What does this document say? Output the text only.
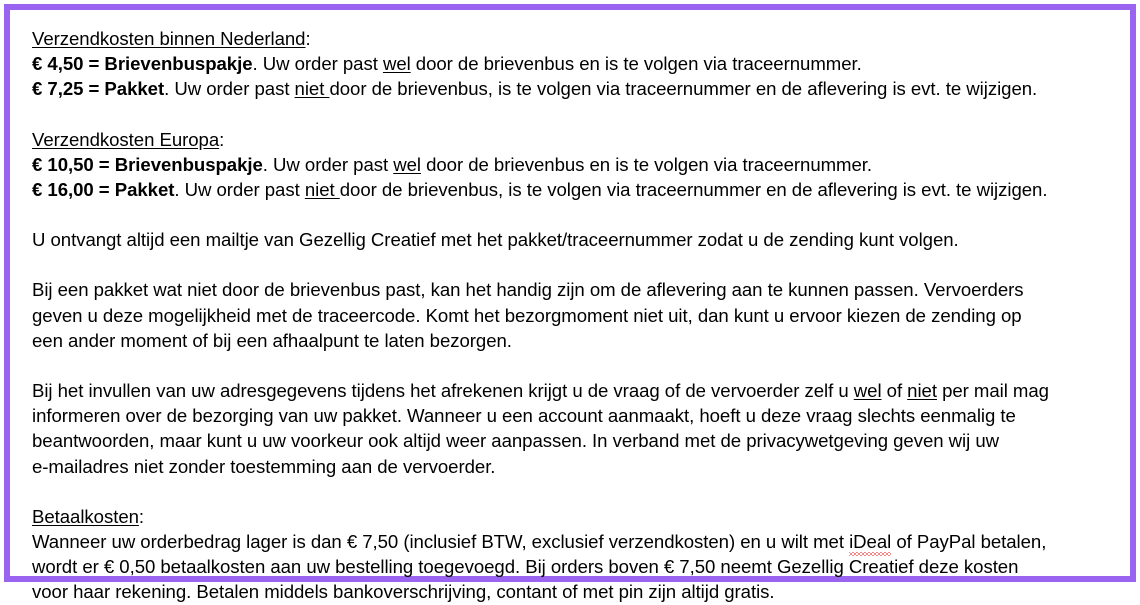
Verzendkosten binnen Nederland:

€ 4,50 = Brievenbuspakje. Uw order past wel door de brievenbus en is te volgen via traceernummer.

€ 7,25 = Pakket. Uw order past niet door de brievenbus, is te volgen via traceernummer en de aflevering is evt. te wijzigen.

Verzendkosten Europa:

€ 10,50 = Brievenbuspakje. Uw order past wel door de brievenbus en is te volgen via traceernummer.

€ 16,00 = Pakket. Uw order past niet door de brievenbus, is te volgen via traceernummer en de aflevering is evt. te wijzigen.

U ontvangt altijd een mailtje van Gezellig Creatief met het pakket/traceernummer zodat u de zending kunt volgen.

Bij een pakket wat niet door de brievenbus past, kan het handig zijn om de aflevering aan te kunnen passen. Vervoerders

geven u deze mogelijkheid met de traceercode. Komt het bezorgmoment niet uit, dan kunt u ervoor kiezen de zending op

een ander moment of bij een afhaalpunt te laten bezorgen.

Bij het invullen van uw adresgegevens tijdens het afrekenen krijgt u de vraag of de vervoerder zelf u wel of niet per mail mag

informeren over de bezorging van uw pakket. Wanneer u een account aanmaakt, hoeft u deze vraag slechts eenmalig te

beantwoorden, maar kunt u uw voorkeur ook altijd weer aanpassen. In verband met de privacywetgeving geven wij uw

e-mailadres niet zonder toestemming aan de vervoerder.

Betaalkosten:

Wanneer uw orderbedrag lager is dan € 7,50 (inclusief BTW, exclusief verzendkosten) en u wilt met iDeal of PayPal betalen,

wordt er € 0,50 betaalkosten aan uw bestelling toegevoegd. Bij orders boven € 7,50 neemt Gezellig Creatief deze kosten

voor haar rekening. Betalen middels bankoverschrijving, contant of met pin zijn altijd gratis.
